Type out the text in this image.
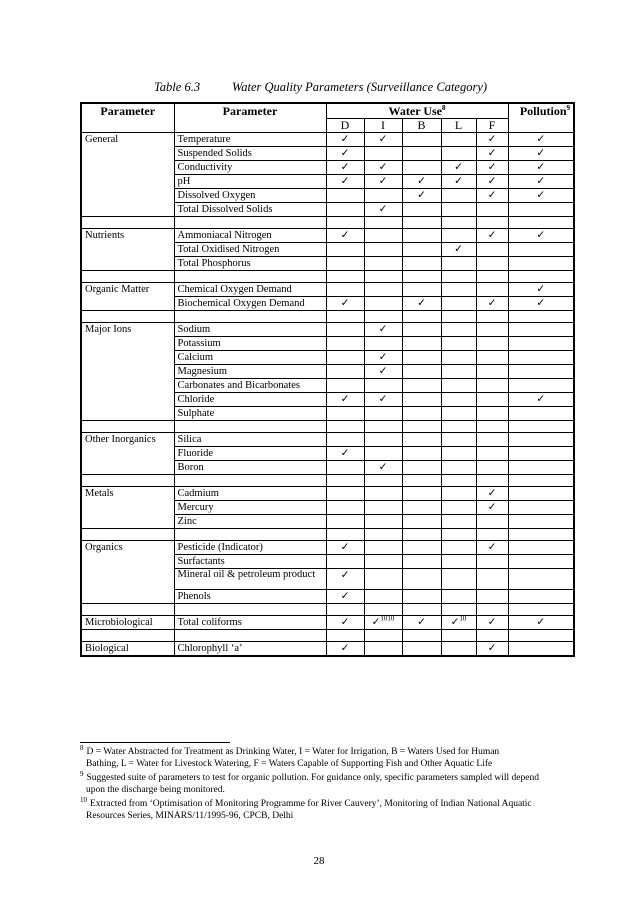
Table 6.3	Water Quality Parameters (Surveillance Category)
Parameter	Parameter	Water Use$^8$					Pollution$^9$
		D	I	B	L	F	
General	Temperature	✓	✓			✓	✓
	Suspended Solids	✓				✓	✓
	Conductivity	✓	✓		✓	✓	✓
	pH	✓	✓	✓	✓	✓	✓
	Dissolved Oxygen			✓		✓	✓
	Total Dissolved Solids		✓				

Nutrients	Ammoniacal Nitrogen	✓				✓	✓
	Total Oxidised Nitrogen				✓		
	Total Phosphorus						

Organic Matter	Chemical Oxygen Demand						✓
	Biochemical Oxygen Demand	✓		✓		✓	✓

Major Ions	Sodium		✓				
	Potassium						
	Calcium		✓				
	Magnesium		✓				
	Carbonates and Bicarbonates						
	Chloride	✓	✓				✓
	Sulphate						

Other Inorganics	Silica						
	Fluoride	✓					
	Boron		✓				

Metals	Cadmium					✓	
	Mercury					✓	
	Zinc						

Organics	Pesticide (Indicator)	✓				✓	
	Surfactants						
	Mineral oil & petroleum product	✓					
	Phenols	✓					

Microbiological	Total coliforms	✓	✓$^{1010}$	✓	✓$^{10}$	✓	✓

Biological	Chlorophyll ‘a’	✓				✓	
$^8$ D = Water Abstracted for Treatment as Drinking Water, I = Water for Irrigation, B = Waters Used for Human
Bathing, L = Water for Livestock Watering, F = Waters Capable of Supporting Fish and Other Aquatic Life
$^9$ Suggested suite of parameters to test for organic pollution. For guidance only, specific parameters sampled will depend
upon the discharge being monitored.
$^{10}$ Extracted from ‘Optimisation of Monitoring Programme for River Cauvery’, Monitoring of Indian National Aquatic
Resources Series, MINARS/11/1995-96, CPCB, Delhi
28
